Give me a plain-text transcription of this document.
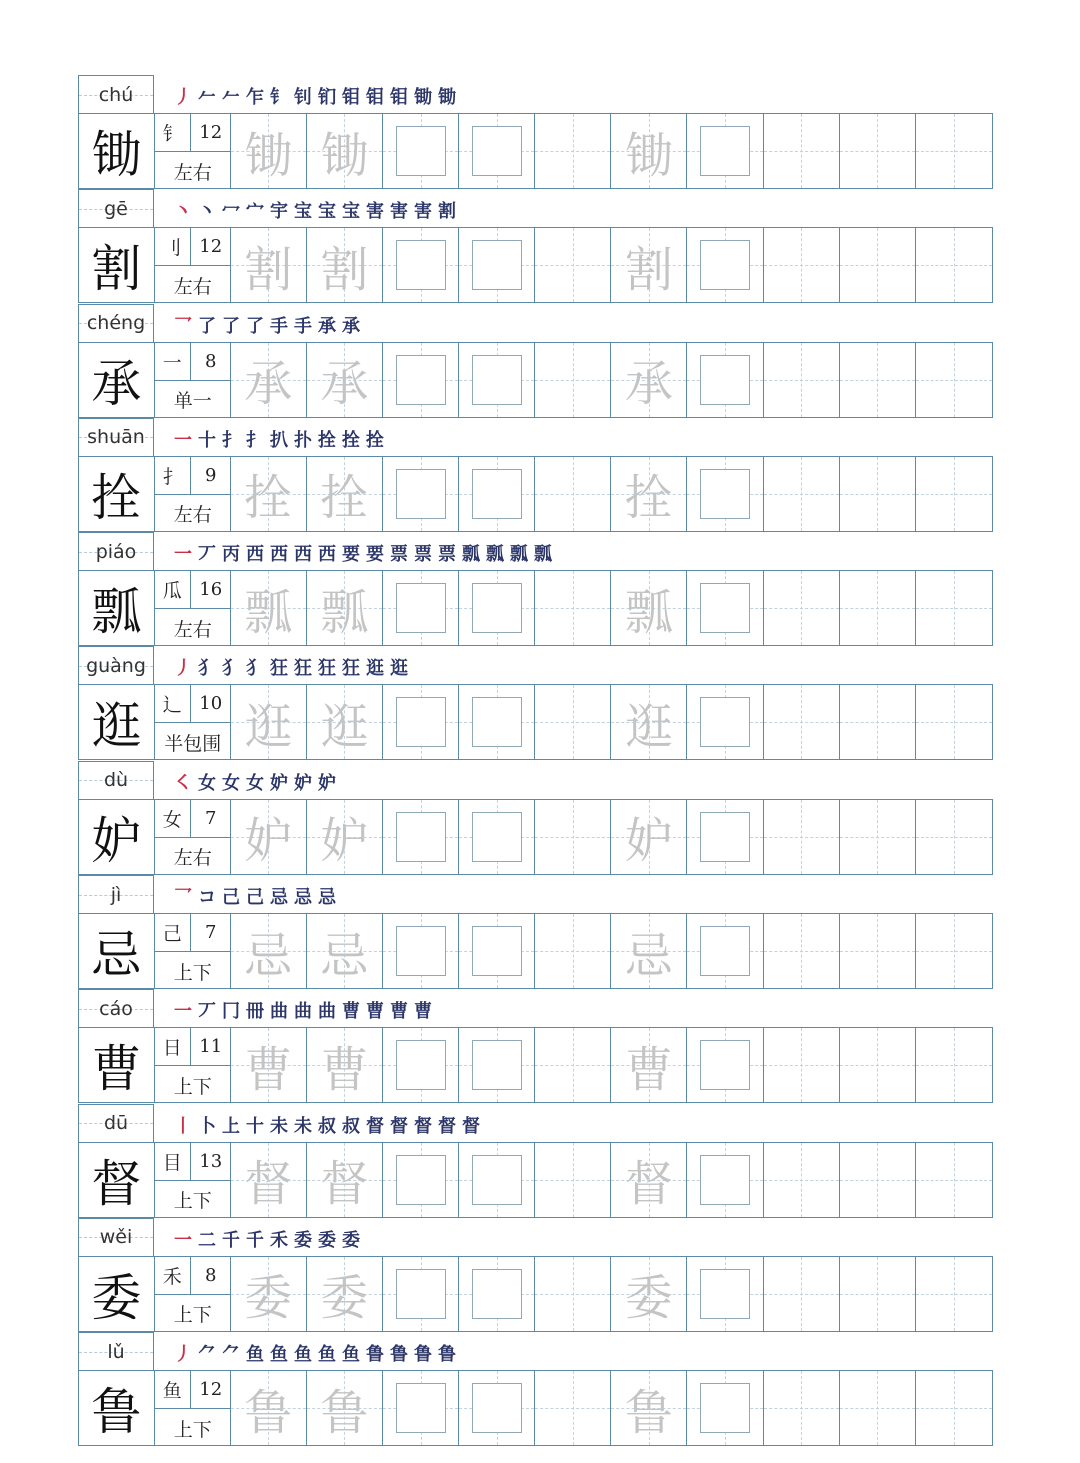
chú 丿 𠂉 𠂉 乍 钅 钊 钔 钼 钼 钼 锄 锄
锄	钅 12
左右 锄 锄	锄
gē	丶 丶 冖 宀 宇 宝 宝 宝 害 害 害 割
割	刂 12
左右 割 割	割
chéng 乛 了 了 了 手 手 承 承
承	一	8
单一 承 承	承
shuān 一 十 扌 扌 扒 扑 拴 拴 拴
拴	扌	9
左右 拴 拴	拴
piáo 一 丆 丙 西 西 西 西 要 要 票 票 票 瓢 瓢 瓢 瓢
瓢	瓜 16
左右 瓢 瓢	瓢
guàng 丿 犭 犭 犭 狂 狂 狂 狂 逛 逛
逛	辶 10
半包围 逛 逛	逛
dù	㇛ 女 女 女 妒 妒 妒
妒	女	7
左右 妒 妒	妒
jì	乛 コ 己 己 忌 忌 忌
忌	己	7
上下 忌 忌	忌
cáo 一 丆 冂 冊 曲 曲 曲 曹 曹 曹 曹
曹	日 11
上下 曹 曹	曹
dū	丨 卜 上 十 未 未 叔 叔 督 督 督 督 督
督	目 13
上下 督 督	督
wěi 一 二 千 千 禾 委 委 委
委	禾	8
上下 委 委	委
lǔ	丿 ⺈ ⺈ 鱼 鱼 鱼 鱼 鱼 鲁 鲁 鲁 鲁
鲁	鱼 12
上下 鲁 鲁	鲁
